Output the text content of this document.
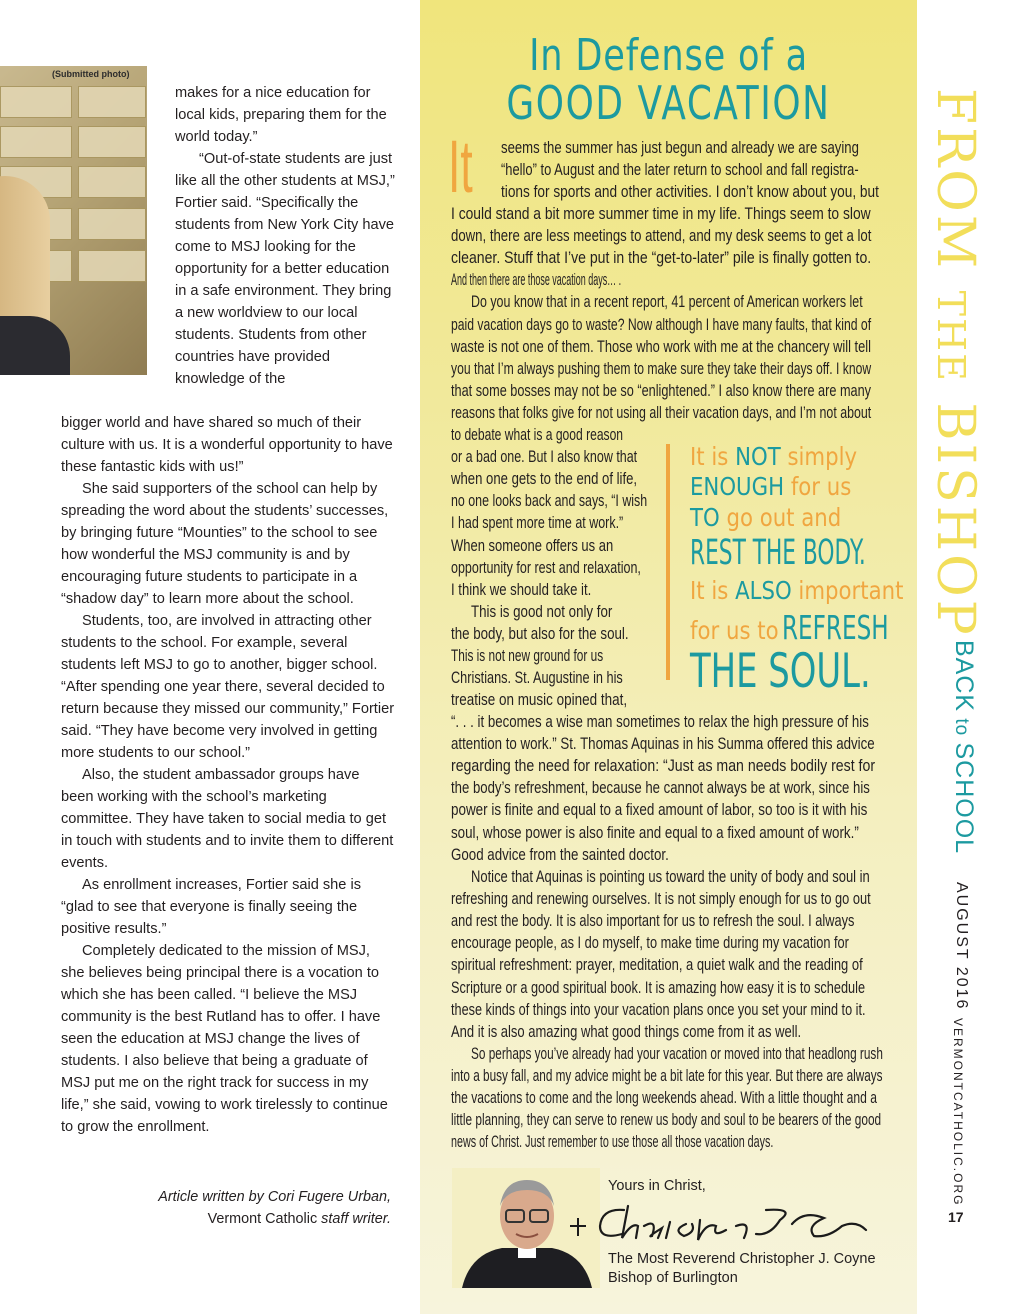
(Submitted photo)

makes for a nice education for local kids, preparing them for the world today.”

“Out-of-state students are just like all the other students at MSJ,” Fortier said. “Specifically the students from New York City have come to MSJ looking for the opportunity for a better education in a safe environment. They bring a new worldview to our local students. Students from other countries have provided knowledge of the

bigger world and have shared so much of their culture with us. It is a wonderful opportunity to have these fantastic kids with us!”

She said supporters of the school can help by spreading the word about the students’ successes, by bringing future “Mounties” to the school to see how wonderful the MSJ community is and by encouraging future students to participate in a “shadow day” to learn more about the school.

Students, too, are involved in attracting other students to the school. For example, several students left MSJ to go to another, bigger school. “After spending one year there, several decided to return because they missed our community,” Fortier said. “They have become very involved in getting more students to our school.”

Also, the student ambassador groups have been working with the school’s marketing committee. They have taken to social media to get in touch with students and to invite them to different events.

As enrollment increases, Fortier said she is “glad to see that everyone is finally seeing the positive results.”

Completely dedicated to the mission of MSJ, she believes being principal there is a vocation to which she has been called. “I believe the MSJ community is the best Rutland has to offer. I have seen the education at MSJ change the lives of students. I also believe that being a graduate of MSJ put me on the right track for success in my life,” she said, vowing to work tirelessly to continue to grow the enrollment.

Article written by Cori Fugere Urban,
Vermont Catholic staff writer.
In Defense of a
GOOD VACATION
It seems the summer has just begun and already we are saying
“hello” to August and the later return to school and fall registra-
tions for sports and other activities. I don’t know about you, but
I could stand a bit more summer time in my life. Things seem to slow
down, there are less meetings to attend, and my desk seems to get a lot
cleaner. Stuff that I’ve put in the “get-to-later” pile is finally gotten to.
And then there are those vacation days… .
Do you know that in a recent report, 41 percent of American workers let
paid vacation days go to waste? Now although I have many faults, that kind of
waste is not one of them. Those who work with me at the chancery will tell
you that I’m always pushing them to make sure they take their days off. I know
that some bosses may not be so “enlightened.” I also know there are many
reasons that folks give for not using all their vacation days, and I’m not about
to debate what is a good reason
or a bad one. But I also know that
when one gets to the end of life,
no one looks back and says, “I wish
I had spent more time at work.”
When someone offers us an
opportunity for rest and relaxation,
I think we should take it.
This is good not only for
the body, but also for the soul.
This is not new ground for us
Christians. St. Augustine in his
treatise on music opined that,
“. . . it becomes a wise man sometimes to relax the high pressure of his
attention to work.” St. Thomas Aquinas in his Summa offered this advice
regarding the need for relaxation: “Just as man needs bodily rest for
the body’s refreshment, because he cannot always be at work, since his
power is finite and equal to a fixed amount of labor, so too is it with his
soul, whose power is also finite and equal to a fixed amount of work.”
Good advice from the sainted doctor.
Notice that Aquinas is pointing us toward the unity of body and soul in
refreshing and renewing ourselves. It is not simply enough for us to go out
and rest the body. It is also important for us to refresh the soul. I always
encourage people, as I do myself, to make time during my vacation for
spiritual refreshment: prayer, meditation, a quiet walk and the reading of
Scripture or a good spiritual book. It is amazing how easy it is to schedule
these kinds of things into your vacation plans once you set your mind to it.
And it is also amazing what good things come from it as well.
So perhaps you’ve already had your vacation or moved into that headlong rush
into a busy fall, and my advice might be a bit late for this year. But there are always
the vacations to come and the long weekends ahead. With a little thought and a
little planning, they can serve to renew us body and soul to be bearers of the good
news of Christ. Just remember to use those all those vacation days.
It is NOT simply
ENOUGH for us
TO go out and
REST THE BODY.
It is ALSO important
for us toREFRESH
THE SOUL.
Yours in Christ,
The Most Reverend Christopher J. Coyne
Bishop of Burlington
FROM THE BISHOP
BACK to SCHOOL
AUGUST 2016
VERMONTCATHOLIC.ORG
17
